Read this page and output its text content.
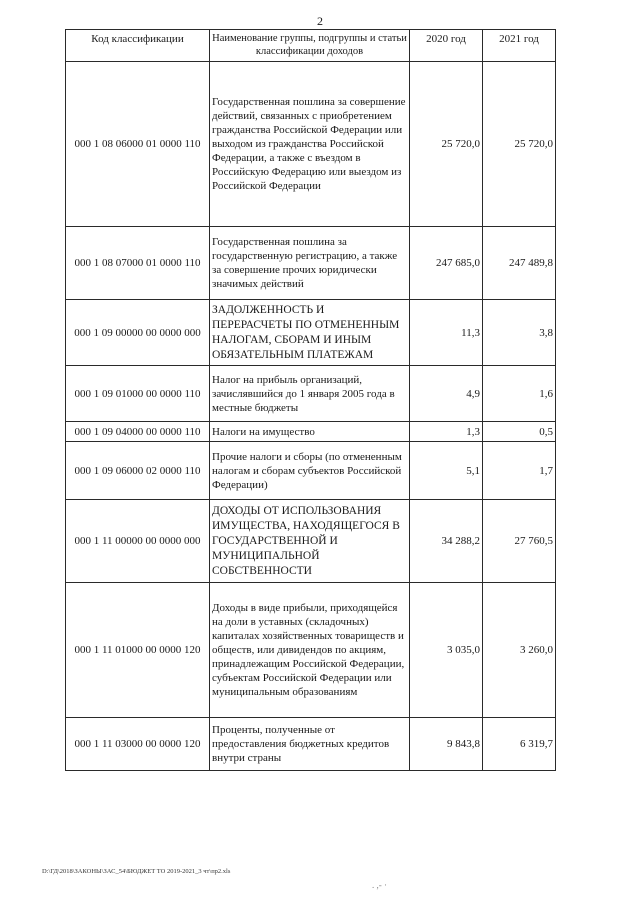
2
Код классификации	Наименование группы, подгруппы и статьи классификации доходов	2020 год	2021 год
000 1 08 06000 01 0000 110	Государственная пошлина за совершение действий, связанных с приобретением гражданства Российской Федерации или выходом из гражданства Российской Федерации, а также с въездом в Российскую Федерацию или выездом из Российской Федерации	25 720,0	25 720,0
000 1 08 07000 01 0000 110	Государственная пошлина за государственную регистрацию, а также за совершение прочих юридически значимых действий	247 685,0	247 489,8
000 1 09 00000 00 0000 000	ЗАДОЛЖЕННОСТЬ И ПЕРЕРАСЧЕТЫ ПО ОТМЕНЕННЫМ НАЛОГАМ, СБОРАМ И ИНЫМ ОБЯЗАТЕЛЬНЫМ ПЛАТЕЖАМ	11,3	3,8
000 1 09 01000 00 0000 110	Налог на прибыль организаций, зачислявшийся до 1 января 2005 года в местные бюджеты	4,9	1,6
000 1 09 04000 00 0000 110	Налоги на имущество	1,3	0,5
000 1 09 06000 02 0000 110	Прочие налоги и сборы (по отмененным налогам и сборам субъектов Российской Федерации)	5,1	1,7
000 1 11 00000 00 0000 000	ДОХОДЫ ОТ ИСПОЛЬЗОВАНИЯ ИМУЩЕСТВА, НАХОДЯЩЕГОСЯ В ГОСУДАРСТВЕННОЙ И МУНИЦИПАЛЬНОЙ СОБСТВЕННОСТИ	34 288,2	27 760,5
000 1 11 01000 00 0000 120	Доходы в виде прибыли, приходящейся на доли в уставных (складочных) капиталах хозяйственных товариществ и обществ, или дивидендов по акциям, принадлежащим Российской Федерации, субъектам Российской Федерации или муниципальным образованиям	3 035,0	3 260,0
000 1 11 03000 00 0000 120	Проценты, полученные от предоставления бюджетных кредитов внутри страны	9 843,8	6 319,7
D:\ГД\2018\ЗАКОНЫ\ЗАС_54\БЮДЖЕТ ТО 2019-2021_3 чт\пр2.xls
. ,- ·
